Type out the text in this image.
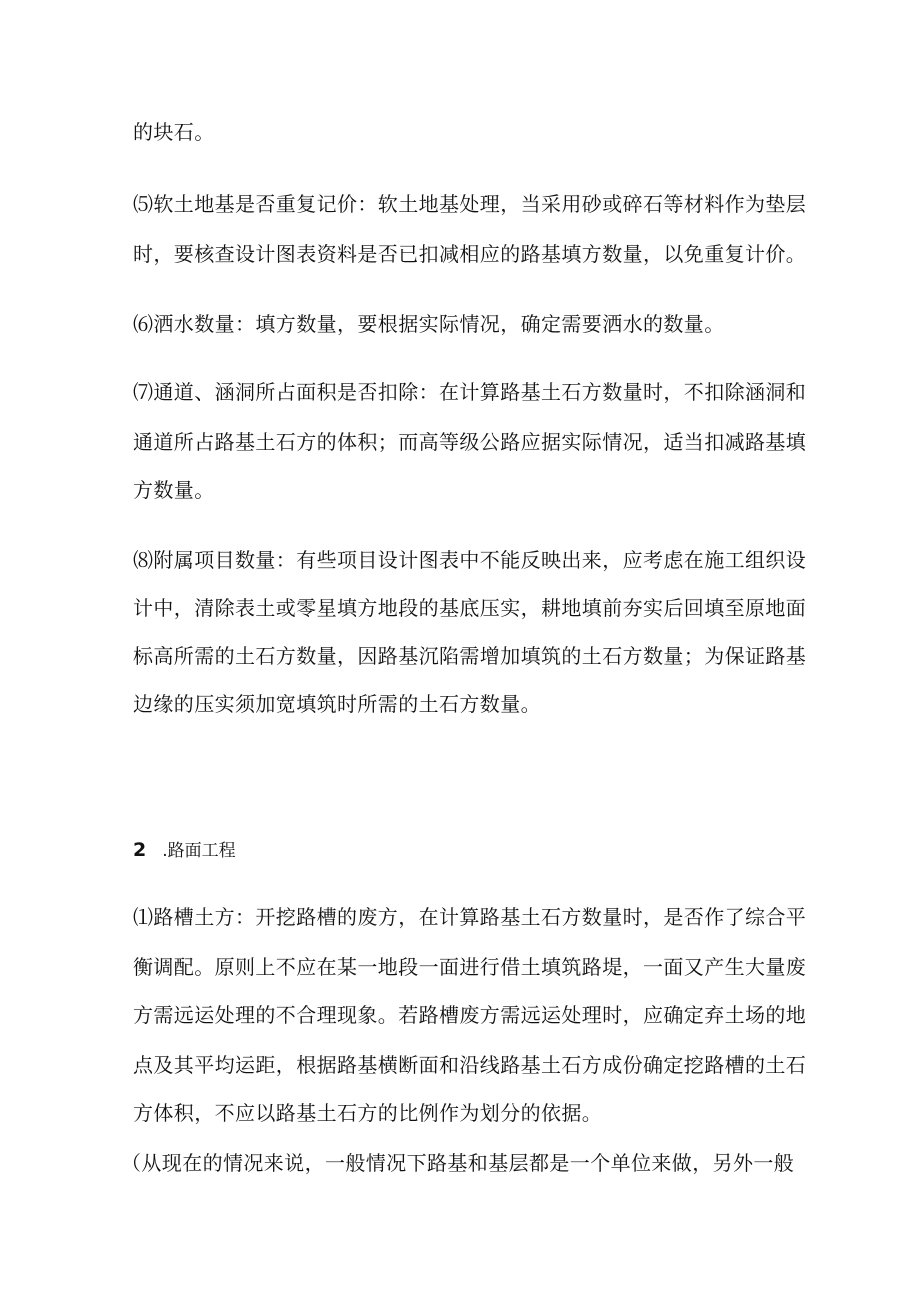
的块石。
⑸软土地基是否重复记价：软土地基处理，当采用砂或碎石等材料作为垫层
时，要核查设计图表资料是否已扣减相应的路基填方数量，以免重复计价。
⑹洒水数量：填方数量，要根据实际情况，确定需要洒水的数量。
⑺通道、涵洞所占面积是否扣除：在计算路基土石方数量时，不扣除涵洞和
通道所占路基土石方的体积；而高等级公路应据实际情况，适当扣减路基填
方数量。
⑻附属项目数量：有些项目设计图表中不能反映出来，应考虑在施工组织设
计中，清除表土或零星填方地段的基底压实，耕地填前夯实后回填至原地面
标高所需的土石方数量，因路基沉陷需增加填筑的土石方数量；为保证路基
边缘的压实须加宽填筑时所需的土石方数量。
2 .路面工程
⑴路槽土方：开挖路槽的废方，在计算路基土石方数量时，是否作了综合平
衡调配。原则上不应在某一地段一面进行借土填筑路堤，一面又产生大量废
方需远运处理的不合理现象。若路槽废方需远运处理时，应确定弃土场的地
点及其平均运距，根据路基横断面和沿线路基土石方成份确定挖路槽的土石
方体积，不应以路基土石方的比例作为划分的依据。
（从现在的情况来说，一般情况下路基和基层都是一个单位来做，另外一般
